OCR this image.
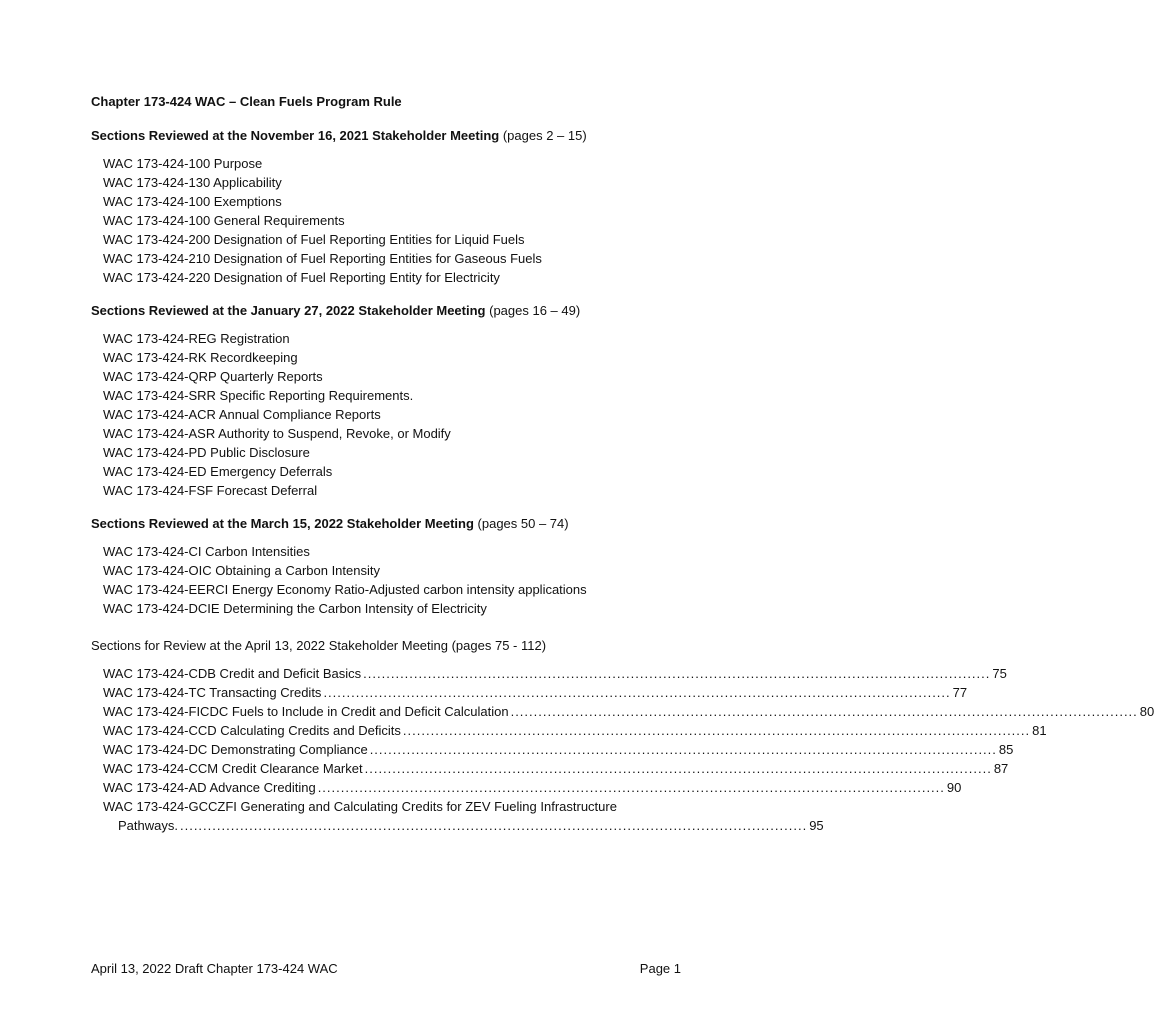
Chapter 173-424 WAC – Clean Fuels Program Rule
Sections Reviewed at the November 16, 2021 Stakeholder Meeting (pages 2 – 15)
WAC 173-424-100 Purpose
WAC 173-424-130 Applicability
WAC 173-424-100 Exemptions
WAC 173-424-100 General Requirements
WAC 173-424-200 Designation of Fuel Reporting Entities for Liquid Fuels
WAC 173-424-210 Designation of Fuel Reporting Entities for Gaseous Fuels
WAC 173-424-220 Designation of Fuel Reporting Entity for Electricity
Sections Reviewed at the January 27, 2022 Stakeholder Meeting (pages 16 – 49)
WAC 173-424-REG Registration
WAC 173-424-RK Recordkeeping
WAC 173-424-QRP Quarterly Reports
WAC 173-424-SRR Specific Reporting Requirements.
WAC 173-424-ACR Annual Compliance Reports
WAC 173-424-ASR Authority to Suspend, Revoke, or Modify
WAC 173-424-PD Public Disclosure
WAC 173-424-ED Emergency Deferrals
WAC 173-424-FSF Forecast Deferral
Sections Reviewed at the March 15, 2022 Stakeholder Meeting (pages 50 – 74)
WAC 173-424-CI Carbon Intensities
WAC 173-424-OIC Obtaining a Carbon Intensity
WAC 173-424-EERCI Energy Economy Ratio-Adjusted carbon intensity applications
WAC 173-424-DCIE Determining the Carbon Intensity of Electricity
Sections for Review at the April 13, 2022 Stakeholder Meeting (pages 75 - 112)
WAC 173-424-CDB Credit and Deficit Basics ........................................................................................................................................ 75
WAC 173-424-TC Transacting Credits ........................................................................................................................................ 77
WAC 173-424-FICDC Fuels to Include in Credit and Deficit Calculation ........................................................................................................................................ 80
WAC 173-424-CCD Calculating Credits and Deficits ........................................................................................................................................ 81
WAC 173-424-DC Demonstrating Compliance ........................................................................................................................................ 85
WAC 173-424-CCM Credit Clearance Market ........................................................................................................................................ 87
WAC 173-424-AD Advance Crediting ........................................................................................................................................ 90
WAC 173-424-GCCZFI Generating and Calculating Credits for ZEV Fueling Infrastructure
Pathways. ........................................................................................................................................ 95
April 13, 2022 Draft Chapter 173-424 WAC	Page 1
